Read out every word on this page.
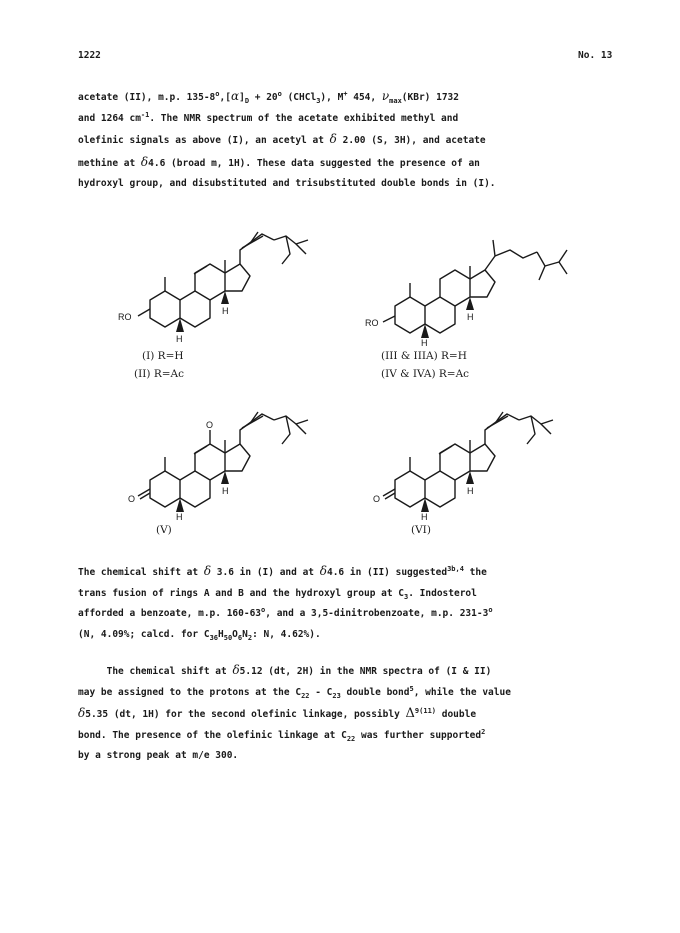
1222	No. 13
acetate (II), m.p. $135-8^o,[\alpha]_D + 20^o$ (CHCl$_3$), M+ 454, $\nu_{max}(KBr)$ 1732
and 1264 $cm^{-1}$. The NMR spectrum of the acetate exhibited methyl and
olefinic signals as above (I), an acetyl at δ 2.00 (S, 3H), and acetate
methine at δ4.6 (broad m, 1H). These data suggested the presence of an
hydroxyl group, and disubstituted and trisubstituted double bonds in (I).
RO
H
H
(I) R=H
(II) R=Ac
RO
H
H
(III & IIIA) R=H
(IV & IVA) R=Ac
O
O
H
H
(V)
O
H
H
(VI)
The chemical shift at δ 3.6 in (I) and at δ4.6 in (II) suggested$^{3b,4}$ the
trans fusion of rings A and B and the hydroxyl group at $C_3$. Indosterol
afforded a benzoate, m.p. 160-63$^o$, and a 3,5-dinitrobenzoate, m.p. 231-3$^o$
(N, 4.09%; calcd. for $C_{36}H_{50}O_6N_2$: N, 4.62%).
The chemical shift at δ5.12 (dt, 2H) in the NMR spectra of (I & II)
may be assigned to the protons at the $C_{22} - C_{23}$ double bond$^5$, while the value
δ5.35 (dt, 1H) for the second olefinic linkage, possibly $\Delta^{9(11)}$ double
bond. The presence of the olefinic linkage at $C_{22}$ was further supported$^2$
by a strong peak at m/e 300.
